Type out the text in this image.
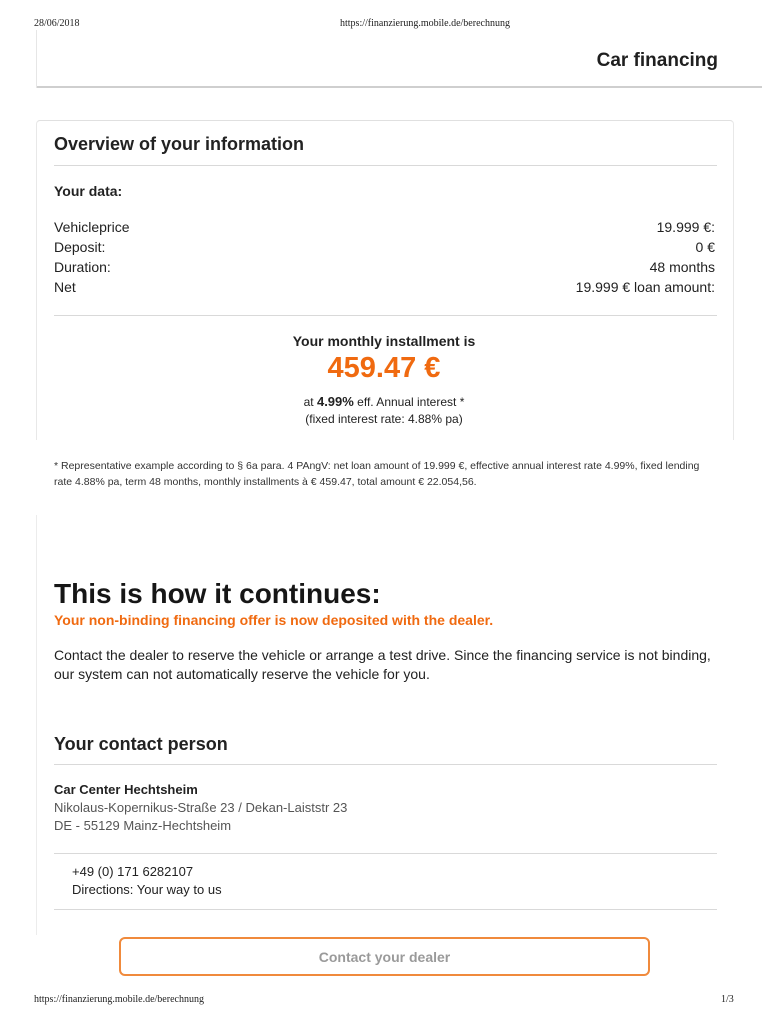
28/06/2018	https://finanzierung.mobile.de/berechnung
Car financing
Overview of your information
Your data:
Vehicleprice	19.999 €:
Deposit:	0 €
Duration:	48 months
Net	19.999 € loan amount:
Your monthly installment is
459.47 €
at 4.99% eff. Annual interest *
(fixed interest rate: 4.88% pa)
* Representative example according to § 6a para. 4 PAngV: net loan amount of 19.999 €, effective annual interest rate 4.99%, fixed lending rate 4.88% pa, term 48 months, monthly installments à € 459.47, total amount € 22.054,56.
This is how it continues:
Your non-binding financing offer is now deposited with the dealer.
Contact the dealer to reserve the vehicle or arrange a test drive. Since the financing service is not binding, our system can not automatically reserve the vehicle for you.
Your contact person
Car Center Hechtsheim
Nikolaus-Kopernikus-Straße 23 / Dekan-Laiststr 23
DE - 55129 Mainz-Hechtsheim
+49 (0) 171 6282107
Directions: Your way to us
Contact your dealer
https://finanzierung.mobile.de/berechnung	1/3
